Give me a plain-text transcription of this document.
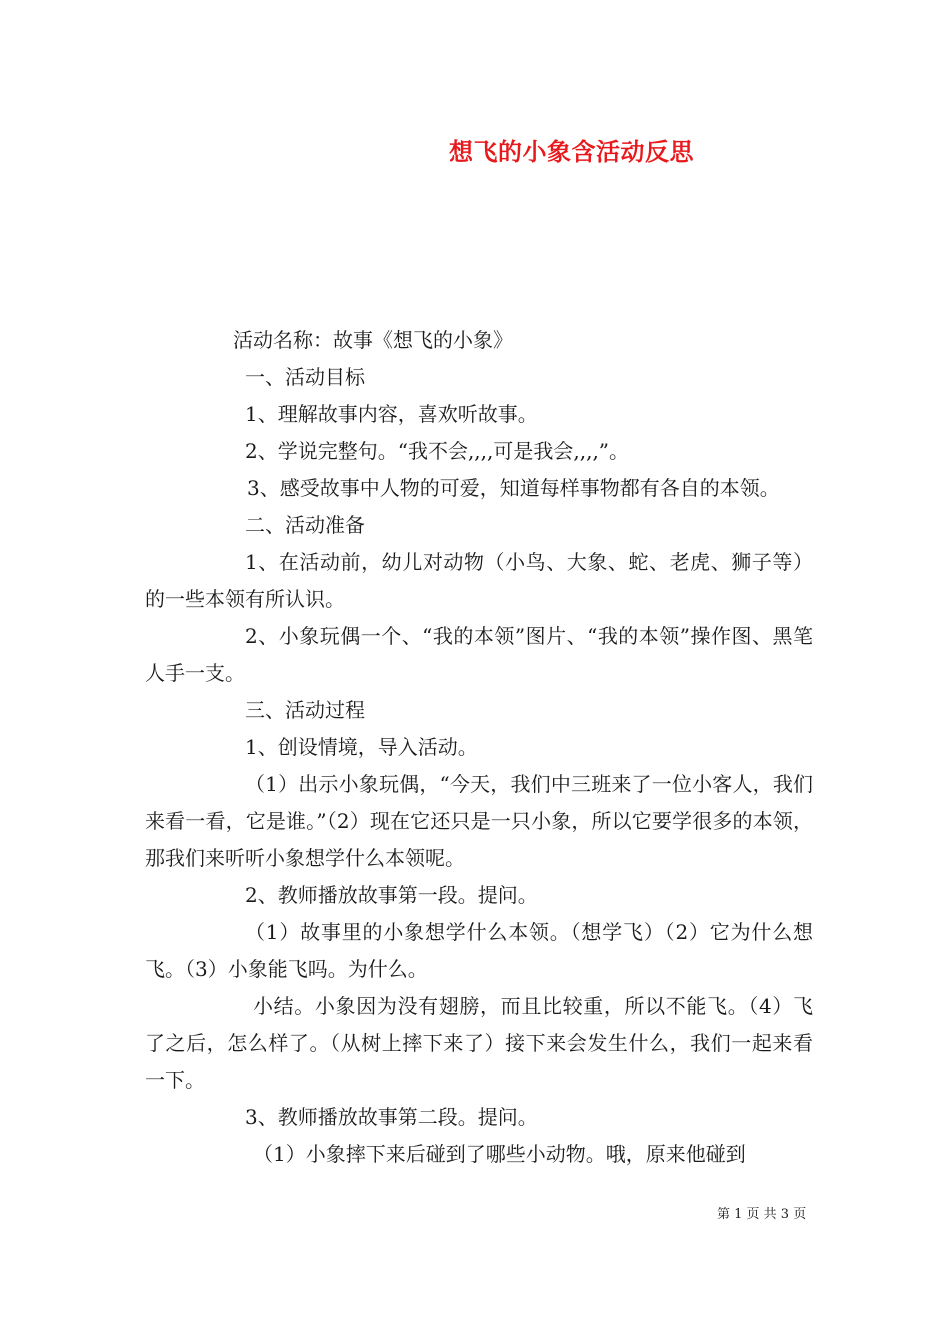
想飞的小象含活动反思

活动名称：故事《想飞的小象》

一、活动目标

1、理解故事内容，喜欢听故事。

2、学说完整句。“我不会,,,,可是我会,,,,”。

3、感受故事中人物的可爱，知道每样事物都有各自的本领。

二、活动准备

1、在活动前，幼儿对动物（小鸟、大象、蛇、老虎、狮子等）的一些本领有所认识。

2、小象玩偶一个、“我的本领”图片、“我的本领”操作图、黑笔人手一支。

三、活动过程

1、创设情境，导入活动。

（1）出示小象玩偶，“今天，我们中三班来了一位小客人，我们来看一看，它是谁。”（2）现在它还只是一只小象，所以它要学很多的本领，那我们来听听小象想学什么本领呢。

2、教师播放故事第一段。提问。

（1）故事里的小象想学什么本领。（想学飞）（2）它为什么想飞。（3）小象能飞吗。为什么。

小结。小象因为没有翅膀，而且比较重，所以不能飞。（4）飞了之后，怎么样了。（从树上摔下来了）接下来会发生什么，我们一起来看一下。

3、教师播放故事第二段。提问。

（1）小象摔下来后碰到了哪些小动物。哦，原来他碰到

第 1 页 共 3 页
